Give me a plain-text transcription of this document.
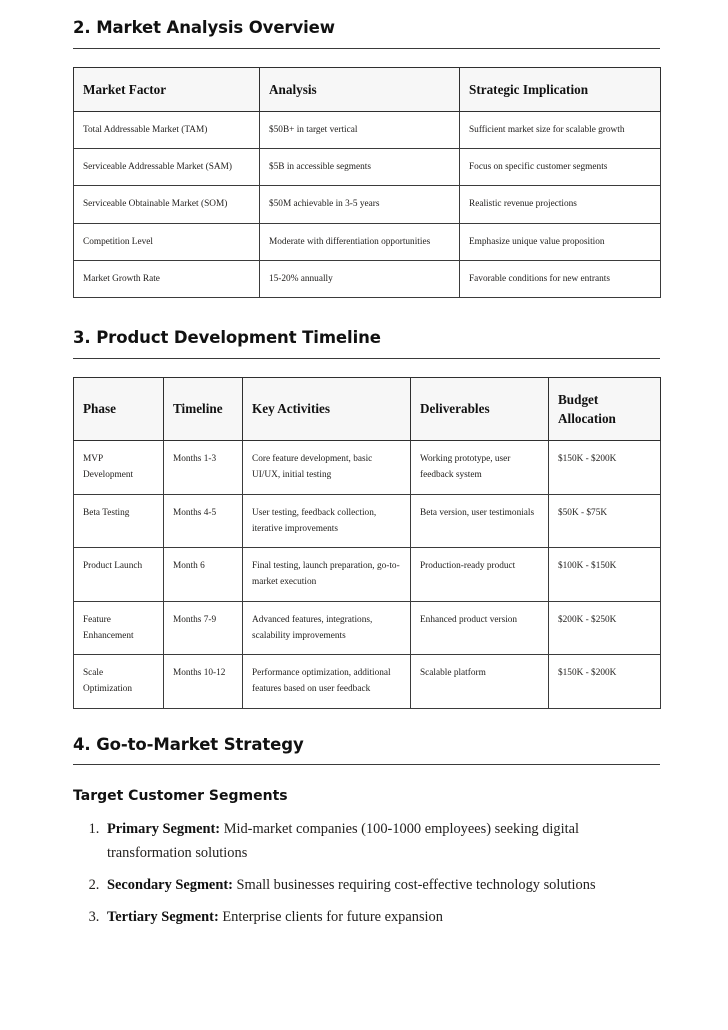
2. Market Analysis Overview
Market Factor	Analysis	Strategic Implication
Total Addressable Market (TAM)	$50B+ in target vertical	Sufficient market size for scalable growth
Serviceable Addressable Market (SAM)	$5B in accessible segments	Focus on specific customer segments
Serviceable Obtainable Market (SOM)	$50M achievable in 3-5 years	Realistic revenue projections
Competition Level	Moderate with differentiation opportunities	Emphasize unique value proposition
Market Growth Rate	15-20% annually	Favorable conditions for new entrants
3. Product Development Timeline
Phase	Timeline	Key Activities	Deliverables	Budget Allocation
MVP Development	Months 1-3	Core feature development, basic UI/UX, initial testing	Working prototype, user feedback system	$150K - $200K
Beta Testing	Months 4-5	User testing, feedback collection, iterative improvements	Beta version, user testimonials	$50K - $75K
Product Launch	Month 6	Final testing, launch preparation, go-to-market execution	Production-ready product	$100K - $150K
Feature Enhancement	Months 7-9	Advanced features, integrations, scalability improvements	Enhanced product version	$200K - $250K
Scale Optimization	Months 10-12	Performance optimization, additional features based on user feedback	Scalable platform	$150K - $200K
4. Go-to-Market Strategy
Target Customer Segments
1. Primary Segment: Mid-market companies (100-1000 employees) seeking digital transformation solutions
2. Secondary Segment: Small businesses requiring cost-effective technology solutions
3. Tertiary Segment: Enterprise clients for future expansion
